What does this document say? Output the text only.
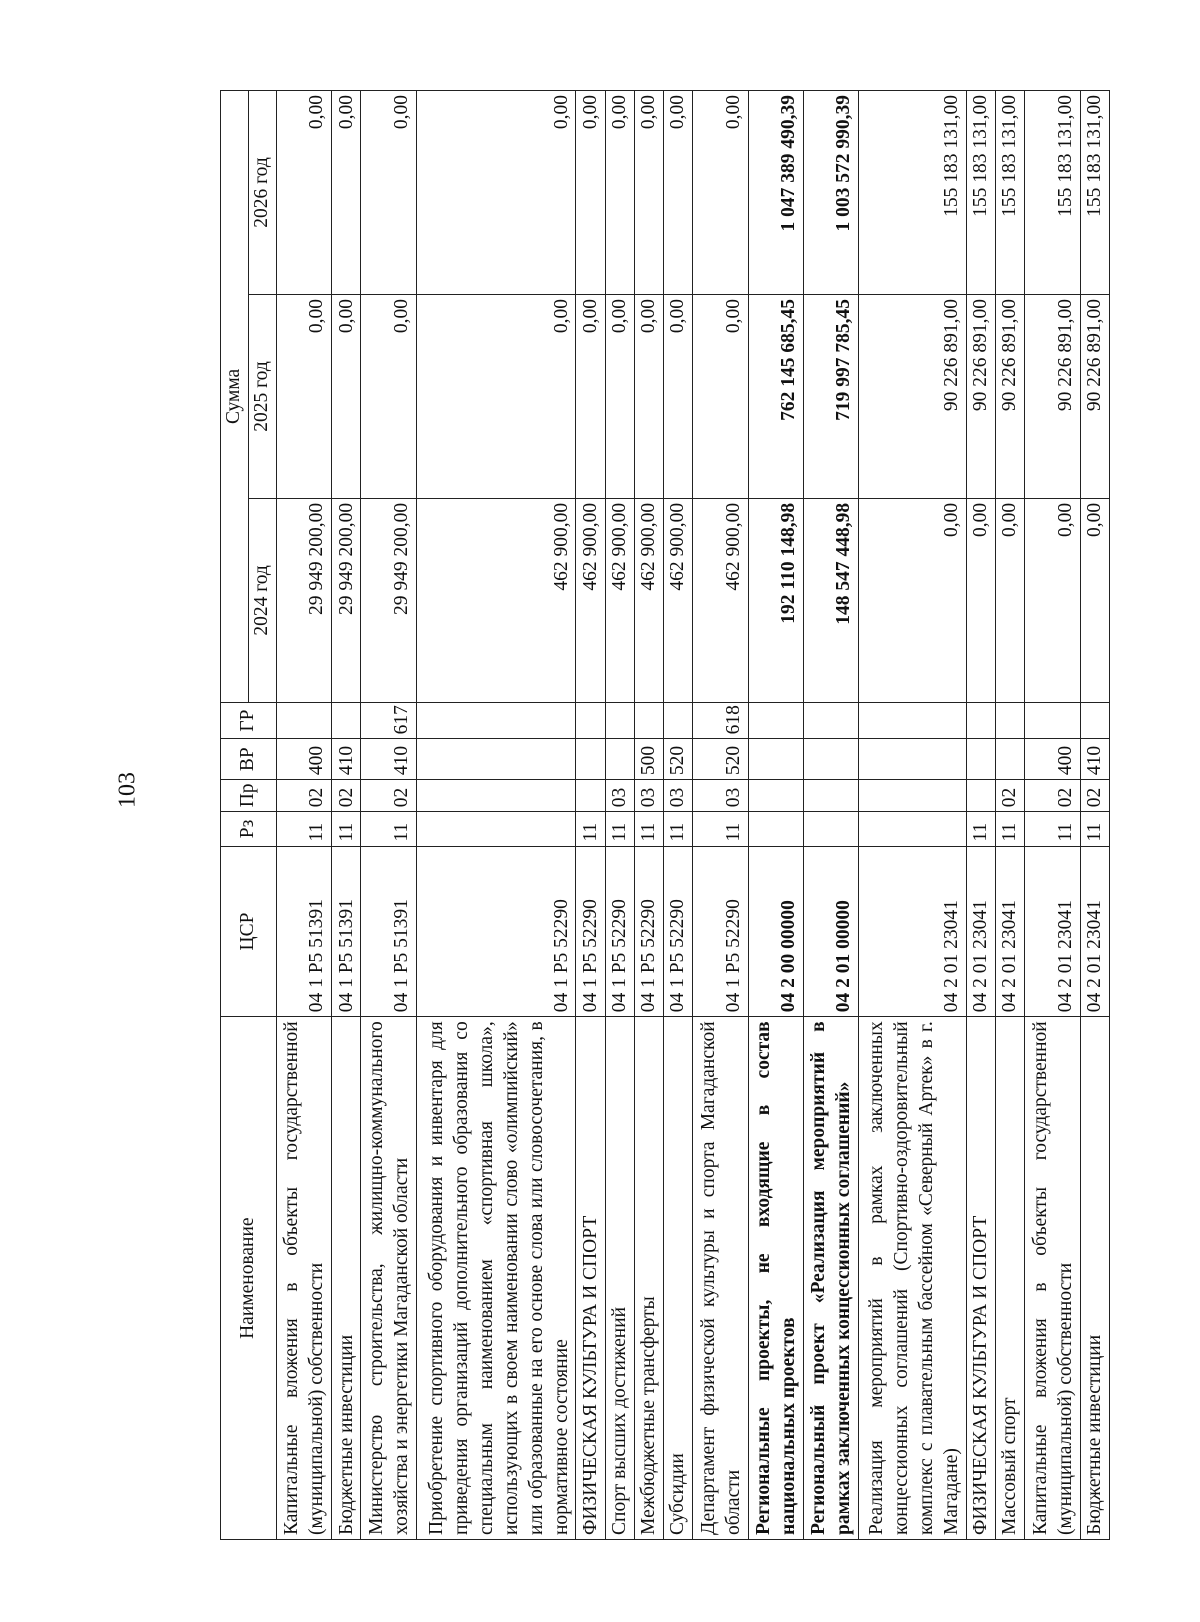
103
Наименование	ЦСР	Рз	Пр	ВР	ГР	Сумма		
						2024 год	2025 год	2026 год
Капитальные вложения в объекты государственной (муниципальной) собственности	04 1 P5 51391	11	02	400		29 949 200,00	0,00	0,00
Бюджетные инвестиции	04 1 P5 51391	11	02	410		29 949 200,00	0,00	0,00
Министерство строительства, жилищно-коммунального хозяйства и энергетики Магаданской области	04 1 P5 51391	11	02	410	617	29 949 200,00	0,00	0,00
Приобретение спортивного оборудования и инвентаря для приведения организаций дополнительного образования со специальным наименованием «спортивная школа», использующих в своем наименовании слово «олимпийский» или образованные на его основе слова или словосочетания, в нормативное состояние	04 1 P5 52290					462 900,00	0,00	0,00
ФИЗИЧЕСКАЯ КУЛЬТУРА И СПОРТ	04 1 P5 52290	11				462 900,00	0,00	0,00
Спорт высших достижений	04 1 P5 52290	11	03			462 900,00	0,00	0,00
Межбюджетные трансферты	04 1 P5 52290	11	03	500		462 900,00	0,00	0,00
Субсидии	04 1 P5 52290	11	03	520		462 900,00	0,00	0,00
Департамент физической культуры и спорта Магаданской области	04 1 P5 52290	11	03	520	618	462 900,00	0,00	0,00
Региональные проекты, не входящие в состав национальных проектов	04 2 00 00000					192 110 148,98	762 145 685,45	1 047 389 490,39
Региональный проект «Реализация мероприятий в рамках заключенных концессионных соглашений»	04 2 01 00000					148 547 448,98	719 997 785,45	1 003 572 990,39
Реализация мероприятий в рамках заключенных концессионных соглашений (Спортивно-оздоровительный комплекс с плавательным бассейном «Северный Артек» в г. Магадане)	04 2 01 23041					0,00	90 226 891,00	155 183 131,00
ФИЗИЧЕСКАЯ КУЛЬТУРА И СПОРТ	04 2 01 23041	11				0,00	90 226 891,00	155 183 131,00
Массовый спорт	04 2 01 23041	11	02			0,00	90 226 891,00	155 183 131,00
Капитальные вложения в объекты государственной (муниципальной) собственности	04 2 01 23041	11	02	400		0,00	90 226 891,00	155 183 131,00
Бюджетные инвестиции	04 2 01 23041	11	02	410		0,00	90 226 891,00	155 183 131,00
